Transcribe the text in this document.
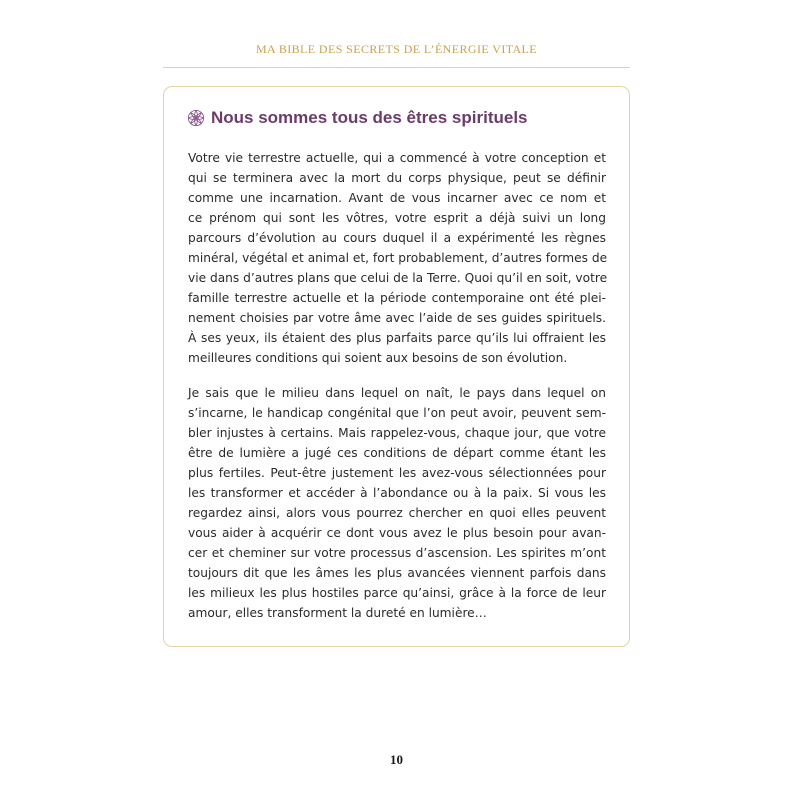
MA BIBLE DES SECRETS DE L’ÉNERGIE VITALE
Nous sommes tous des êtres spirituels
Votre vie terrestre actuelle, qui a commencé à votre conception et
qui se terminera avec la mort du corps physique, peut se définir
comme une incarnation. Avant de vous incarner avec ce nom et
ce prénom qui sont les vôtres, votre esprit a déjà suivi un long
parcours d’évolution au cours duquel il a expérimenté les règnes
minéral, végétal et animal et, fort probablement, d’autres formes de
vie dans d’autres plans que celui de la Terre. Quoi qu’il en soit, votre
famille terrestre actuelle et la période contemporaine ont été plei-
nement choisies par votre âme avec l’aide de ses guides spirituels.
À ses yeux, ils étaient des plus parfaits parce qu’ils lui offraient les
meilleures conditions qui soient aux besoins de son évolution.
Je sais que le milieu dans lequel on naît, le pays dans lequel on
s’incarne, le handicap congénital que l’on peut avoir, peuvent sem-
bler injustes à certains. Mais rappelez-vous, chaque jour, que votre
être de lumière a jugé ces conditions de départ comme étant les
plus fertiles. Peut-être justement les avez-vous sélectionnées pour
les transformer et accéder à l’abondance ou à la paix. Si vous les
regardez ainsi, alors vous pourrez chercher en quoi elles peuvent
vous aider à acquérir ce dont vous avez le plus besoin pour avan-
cer et cheminer sur votre processus d’ascension. Les spirites m’ont
toujours dit que les âmes les plus avancées viennent parfois dans
les milieux les plus hostiles parce qu’ainsi, grâce à la force de leur
amour, elles transforment la dureté en lumière…
10
